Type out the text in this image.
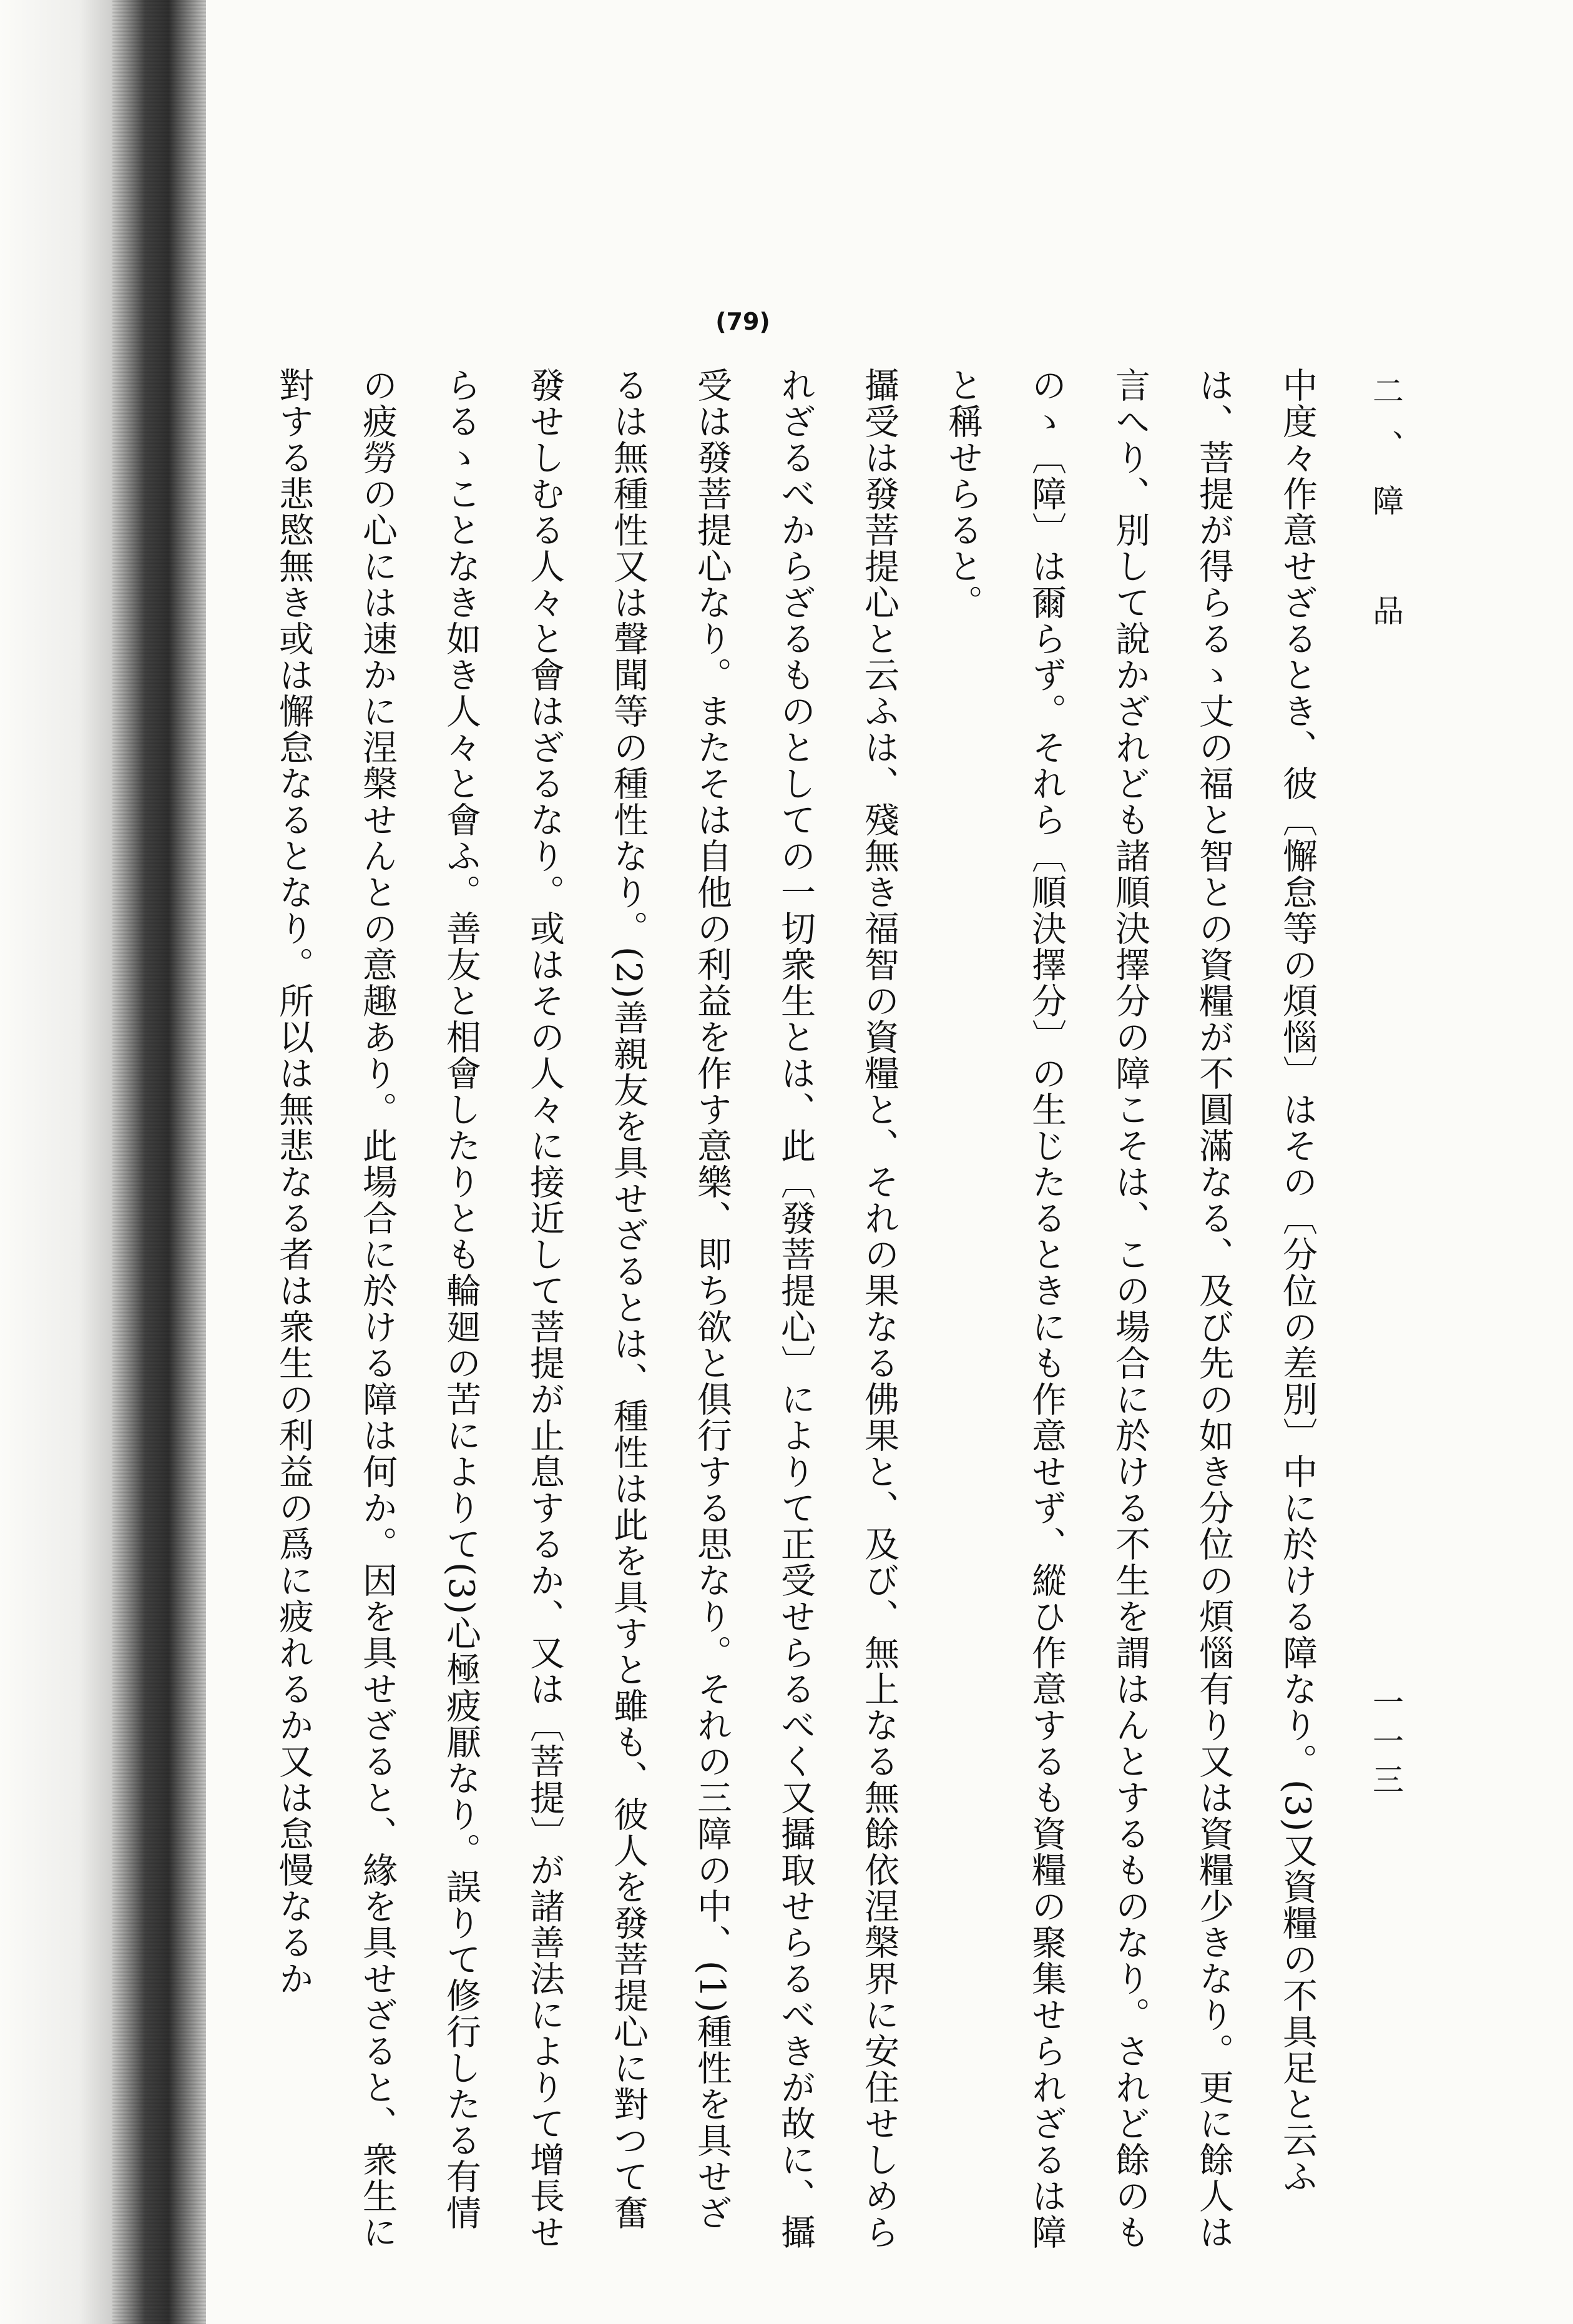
二、障　品
一一三
(79)

中度々作意せざるとき、彼〔懈怠等の煩惱〕はその〔分位の差別〕中に於ける障なり。(3)又資糧の不具足と云ふは、菩提が得らるゝ丈の福と智との資糧が不圓滿なる、及び先の如き分位の煩惱有り又は資糧少きなり。更に餘人は言へり、別して說かざれども諸順決擇分の障こそは、この場合に於ける不生を謂はんとするものなり。されど餘のものゝ〔障〕は爾らず。それら〔順決擇分〕の生じたるときにも作意せず、縱ひ作意するも資糧の聚集せられざるは障と稱せらると。

攝受は發菩提心と云ふは、殘無き福智の資糧と、それの果なる佛果と、及び、無上なる無餘依涅槃界に安住せしめられざるべからざるものとしての一切衆生とは、此〔發菩提心〕によりて正受せらるべく又攝取せらるべきが故に、攝受は發菩提心なり。またそは自他の利益を作す意樂、即ち欲と俱行する思なり。それの三障の中、(1)種性を具せざるは無種性又は聲聞等の種性なり。(2)善親友を具せざるとは、種性は此を具すと雖も、彼人を發菩提心に對つて奮發せしむる人々と會はざるなり。或はその人々に接近して菩提が止息するか、又は〔菩提〕が諸善法によりて增長せらるゝことなき如き人々と會ふ。善友と相會したりとも輪廻の苦によりて(3)心極疲厭なり。誤りて修行したる有情の疲勞の心には速かに涅槃せんとの意趣あり。此場合に於ける障は何か。因を具せざると、緣を具せざると、衆生に對する悲愍無き或は懈怠なるとなり。所以は無悲なる者は衆生の利益の爲に疲れるか又は怠慢なるか
